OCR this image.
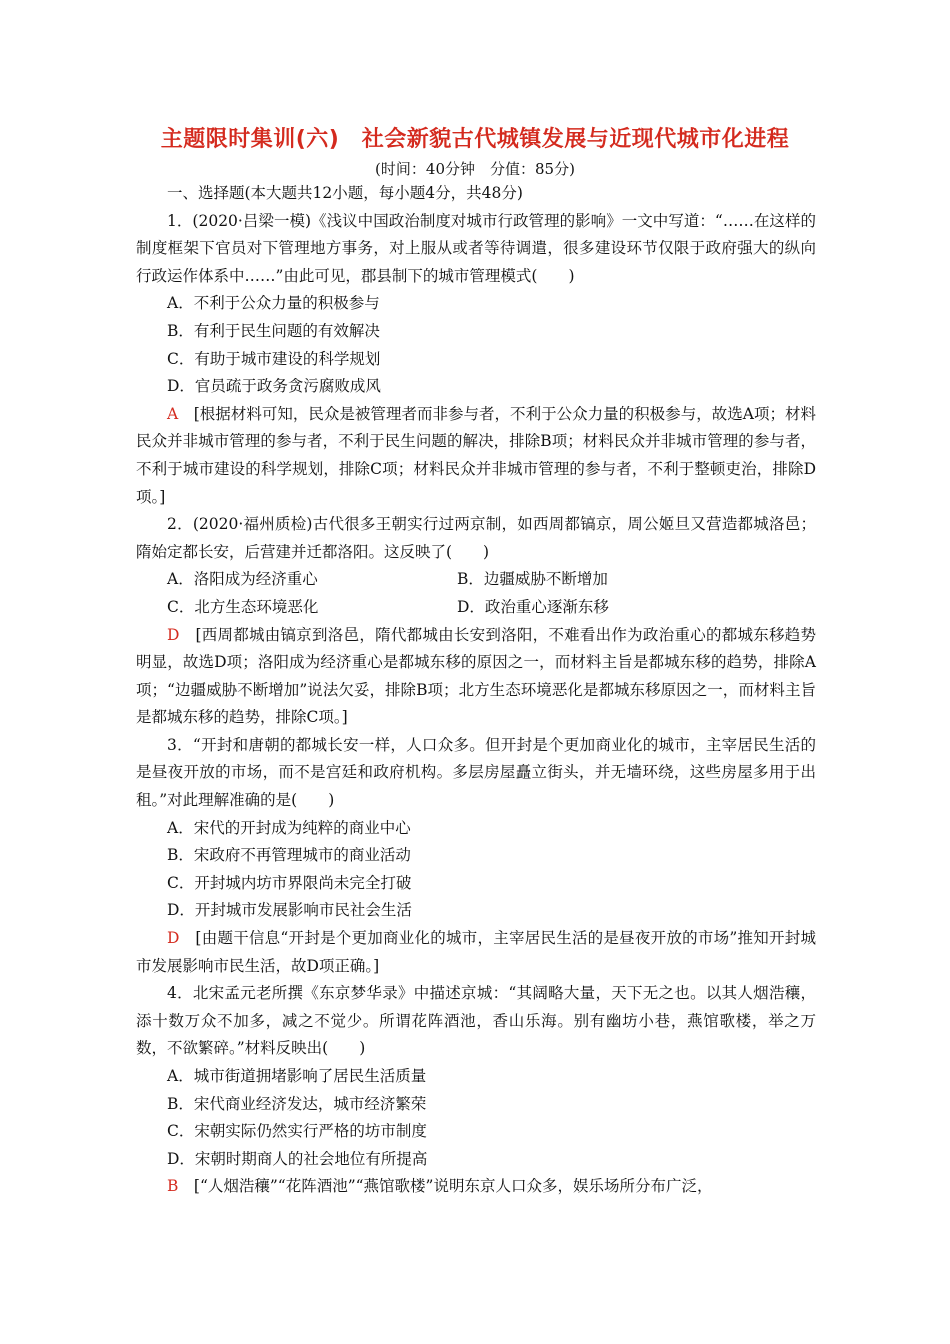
主题限时集训(六)　社会新貌古代城镇发展与近现代城市化进程
(时间：40分钟　分值：85分)

一、选择题(本大题共12小题，每小题4分，共48分)

1．(2020·吕梁一模)《浅议中国政治制度对城市行政管理的影响》一文中写道：“……在这样的制度框架下官员对下管理地方事务，对上服从或者等待调遣，很多建设环节仅限于政府强大的纵向行政运作体系中……”由此可见，郡县制下的城市管理模式(　　)

A．不利于公众力量的积极参与

B．有利于民生问题的有效解决

C．有助于城市建设的科学规划

D．官员疏于政务贪污腐败成风

A　[根据材料可知，民众是被管理者而非参与者，不利于公众力量的积极参与，故选A项；材料民众并非城市管理的参与者，不利于民生问题的解决，排除B项；材料民众并非城市管理的参与者，不利于城市建设的科学规划，排除C项；材料民众并非城市管理的参与者，不利于整顿吏治，排除D项。]

2．(2020·福州质检)古代很多王朝实行过两京制，如西周都镐京，周公姬旦又营造都城洛邑；隋始定都长安，后营建并迁都洛阳。这反映了(　　)

A．洛阳成为经济重心	B．边疆威胁不断增加
C．北方生态环境恶化	D．政治重心逐渐东移

D　[西周都城由镐京到洛邑，隋代都城由长安到洛阳，不难看出作为政治重心的都城东移趋势明显，故选D项；洛阳成为经济重心是都城东移的原因之一，而材料主旨是都城东移的趋势，排除A项；“边疆威胁不断增加”说法欠妥，排除B项；北方生态环境恶化是都城东移原因之一，而材料主旨是都城东移的趋势，排除C项。]

3．“开封和唐朝的都城长安一样，人口众多。但开封是个更加商业化的城市，主宰居民生活的是昼夜开放的市场，而不是宫廷和政府机构。多层房屋矗立街头，并无墙环绕，这些房屋多用于出租。”对此理解准确的是(　　)

A．宋代的开封成为纯粹的商业中心

B．宋政府不再管理城市的商业活动

C．开封城内坊市界限尚未完全打破

D．开封城市发展影响市民社会生活

D　[由题干信息“开封是个更加商业化的城市，主宰居民生活的是昼夜开放的市场”推知开封城市发展影响市民生活，故D项正确。]

4．北宋孟元老所撰《东京梦华录》中描述京城：“其阔略大量，天下无之也。以其人烟浩穰，添十数万众不加多，减之不觉少。所谓花阵酒池，香山乐海。别有幽坊小巷，燕馆歌楼，举之万数，不欲繁碎。”材料反映出(　　)

A．城市街道拥堵影响了居民生活质量

B．宋代商业经济发达，城市经济繁荣

C．宋朝实际仍然实行严格的坊市制度

D．宋朝时期商人的社会地位有所提高

B　[“人烟浩穰”“花阵酒池”“燕馆歌楼”说明东京人口众多，娱乐场所分布广泛，
